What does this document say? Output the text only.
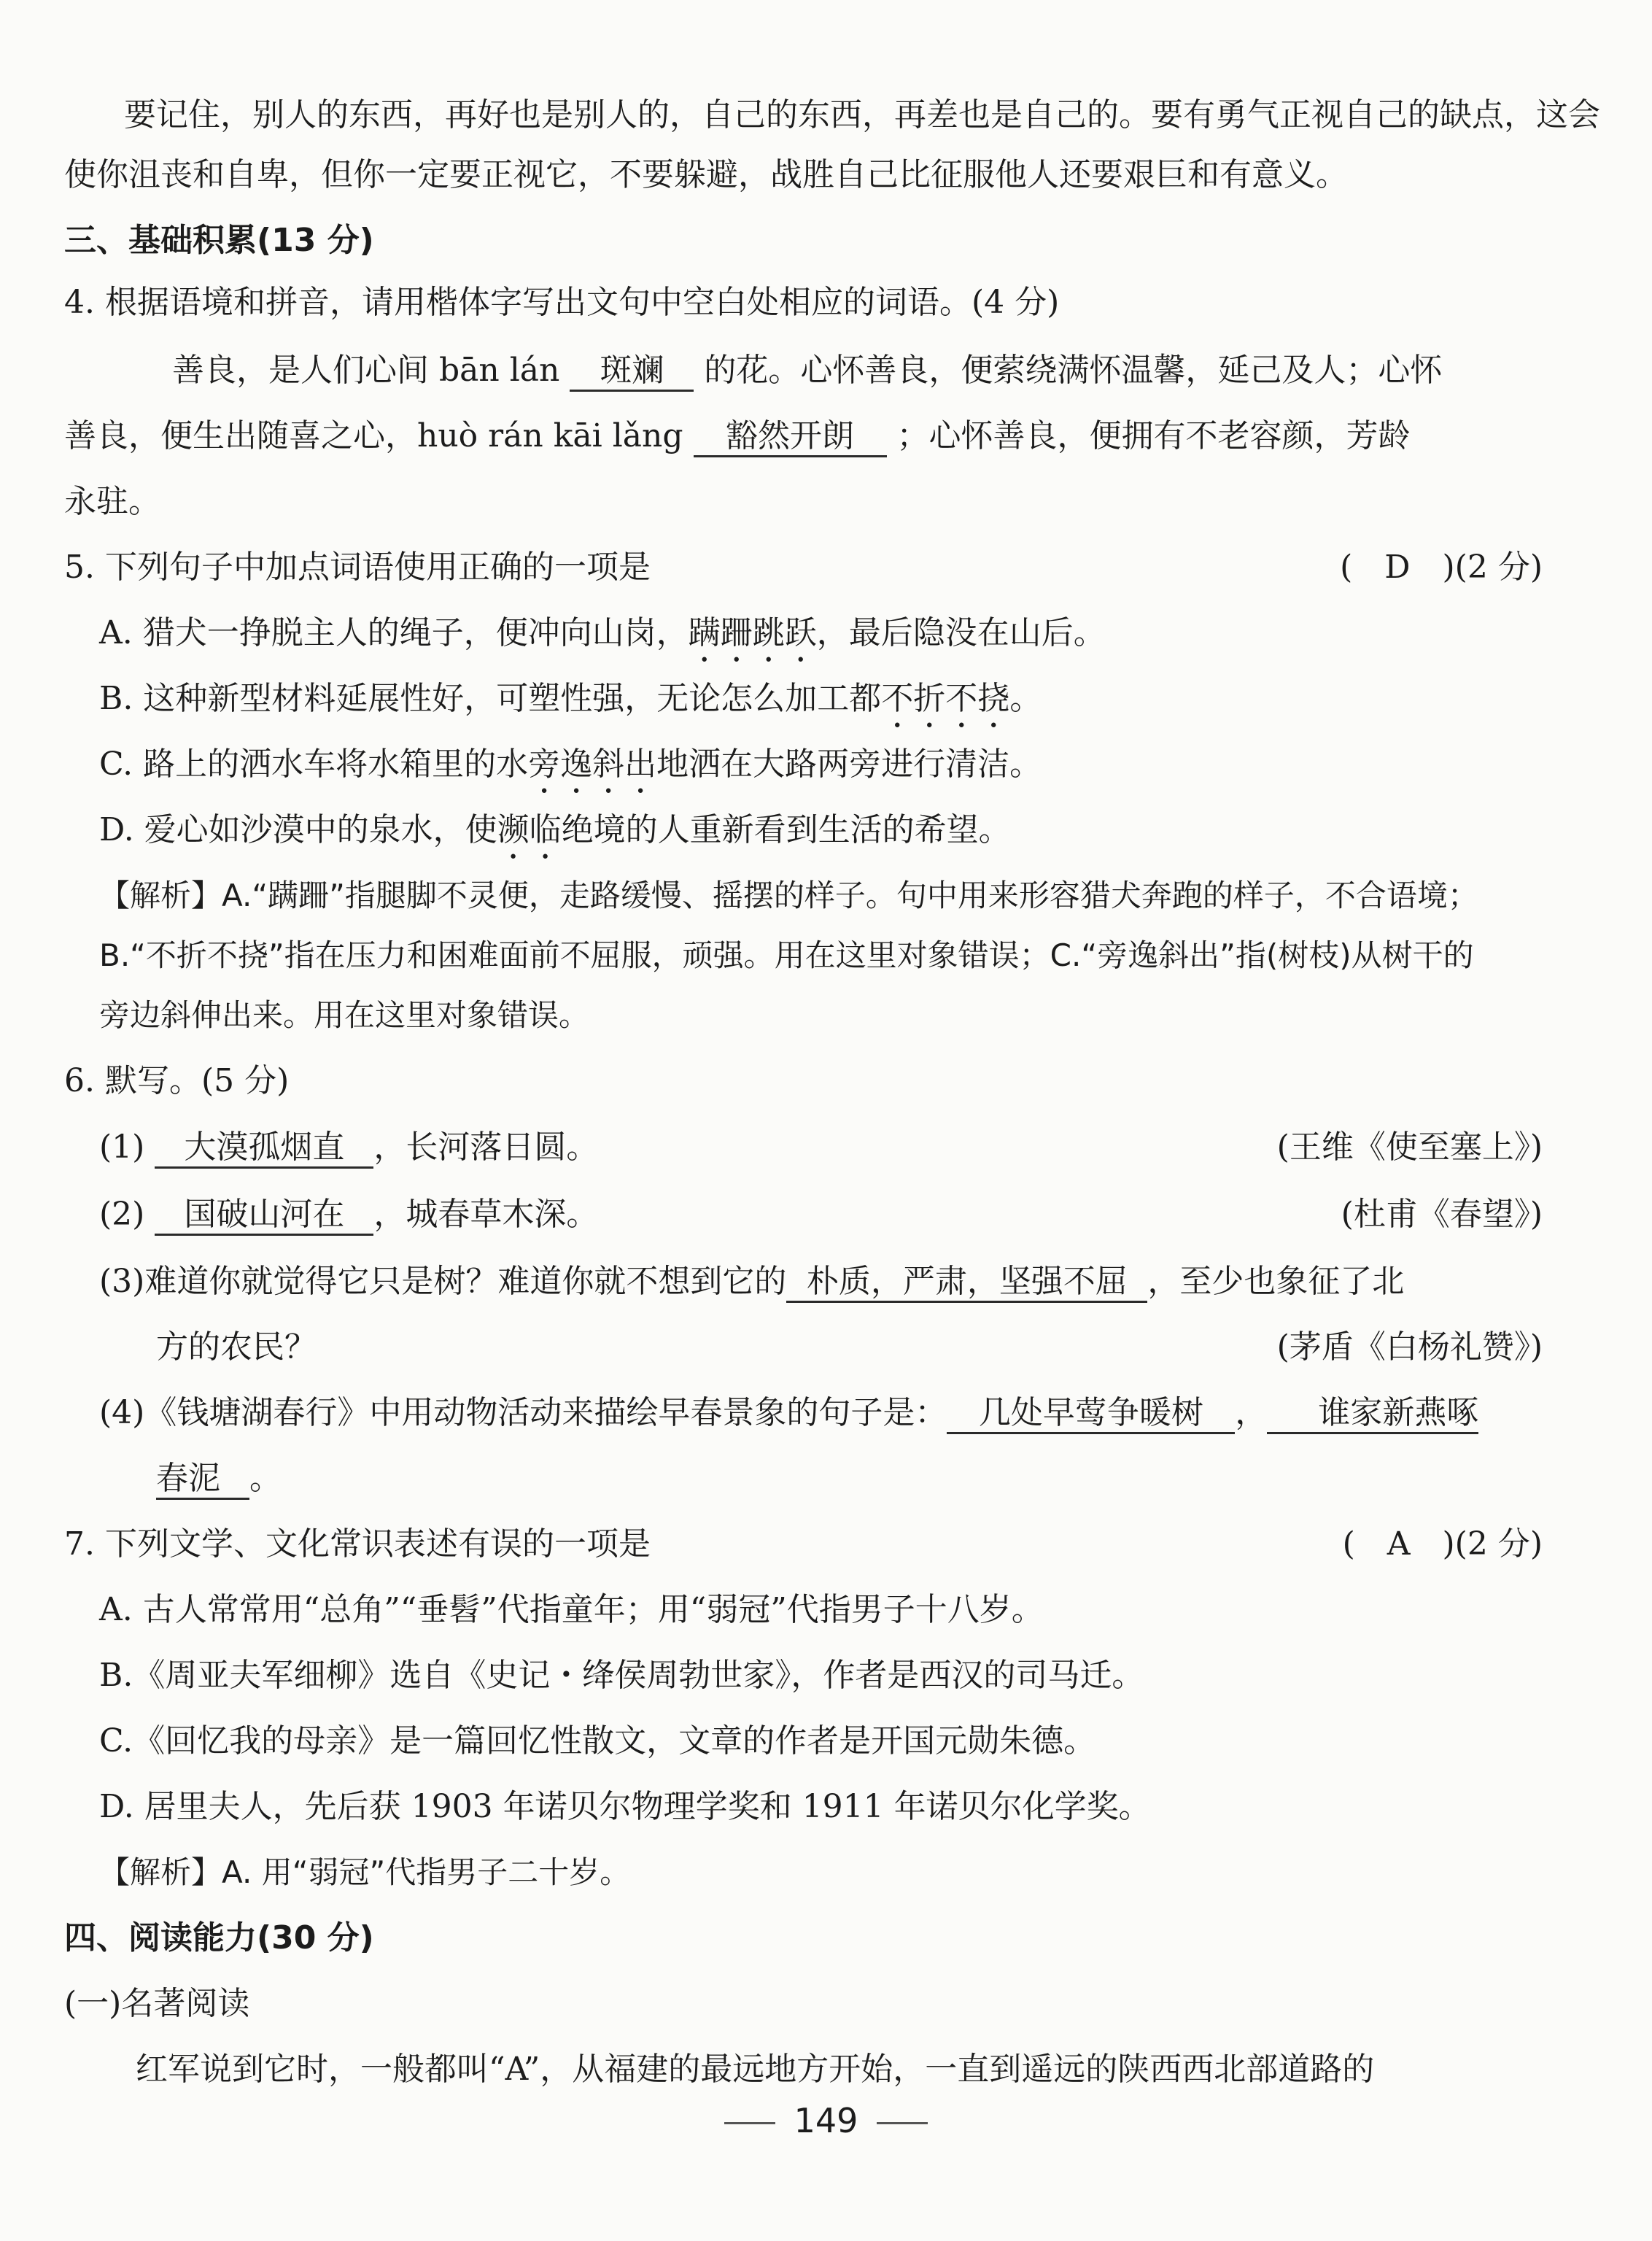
要记住，别人的东西，再好也是别人的，自己的东西，再差也是自己的。要有勇气正视自己的缺点，这会
使你沮丧和自卑，但你一定要正视它，不要躲避，战胜自己比征服他人还要艰巨和有意义。
三、基础积累(13 分)
4. 根据语境和拼音，请用楷体字写出文句中空白处相应的词语。(4 分)
善良，是人们心间 bān lán 斑斓 的花。心怀善良，便萦绕满怀温馨，延己及人；心怀
善良，便生出随喜之心，huò rán kāi lǎng 豁然开朗 ；心怀善良，便拥有不老容颜，芳龄
永驻。
5. 下列句子中加点词语使用正确的一项是	(　D　)(2 分)
A. 猎犬一挣脱主人的绳子，便冲向山岗，蹒跚跳跃，最后隐没在山后。
B. 这种新型材料延展性好，可塑性强，无论怎么加工都不折不挠。
C. 路上的洒水车将水箱里的水旁逸斜出地洒在大路两旁进行清洁。
D. 爱心如沙漠中的泉水，使濒临绝境的人重新看到生活的希望。
【解析】A.“蹒跚”指腿脚不灵便，走路缓慢、摇摆的样子。句中用来形容猎犬奔跑的样子，不合语境；
B.“不折不挠”指在压力和困难面前不屈服，顽强。用在这里对象错误；C.“旁逸斜出”指(树枝)从树干的
旁边斜伸出来。用在这里对象错误。
6. 默写。(5 分)
(1) 大漠孤烟直 ，长河落日圆。	(王维《使至塞上》)
(2) 国破山河在 ，城春草木深。	(杜甫《春望》)
(3)难道你就觉得它只是树？难道你就不想到它的 朴质，严肃，坚强不屈 ，至少也象征了北
方的农民？	(茅盾《白杨礼赞》)
(4)《钱塘湖春行》中用动物活动来描绘早春景象的句子是： 几处早莺争暖树 ， 谁家新燕啄
春泥 。
7. 下列文学、文化常识表述有误的一项是	(　A　)(2 分)
A. 古人常常用“总角”“垂髫”代指童年；用“弱冠”代指男子十八岁。
B.《周亚夫军细柳》选自《史记・绛侯周勃世家》，作者是西汉的司马迁。
C.《回忆我的母亲》是一篇回忆性散文，文章的作者是开国元勋朱德。
D. 居里夫人，先后获 1903 年诺贝尔物理学奖和 1911 年诺贝尔化学奖。
【解析】A. 用“弱冠”代指男子二十岁。
四、阅读能力(30 分)
(一)名著阅读
红军说到它时，一般都叫“A”，从福建的最远地方开始，一直到遥远的陕西西北部道路的
149
